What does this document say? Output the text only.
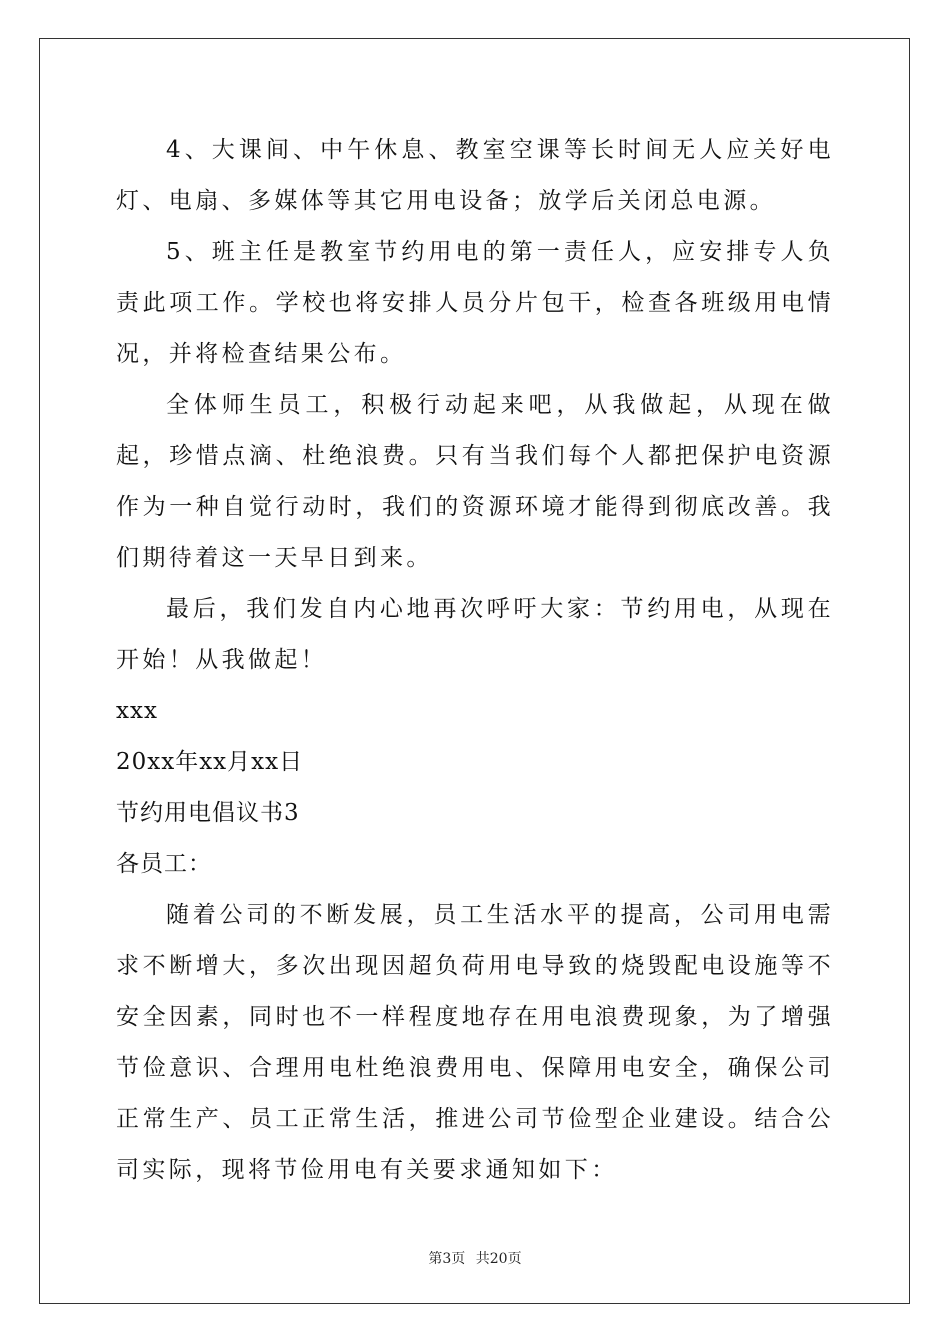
4、大课间、中午休息、教室空课等长时间无人应关好电灯、电扇、多媒体等其它用电设备；放学后关闭总电源。

5、班主任是教室节约用电的第一责任人，应安排专人负责此项工作。学校也将安排人员分片包干，检查各班级用电情况，并将检查结果公布。

全体师生员工，积极行动起来吧，从我做起，从现在做起，珍惜点滴、杜绝浪费。只有当我们每个人都把保护电资源作为一种自觉行动时，我们的资源环境才能得到彻底改善。我们期待着这一天早日到来。

最后，我们发自内心地再次呼吁大家：节约用电，从现在开始！从我做起！

xxx

20xx年xx月xx日

节约用电倡议书3

各员工：

随着公司的不断发展，员工生活水平的提高，公司用电需求不断增大，多次出现因超负荷用电导致的烧毁配电设施等不安全因素，同时也不一样程度地存在用电浪费现象，为了增强节俭意识、合理用电杜绝浪费用电、保障用电安全，确保公司正常生产、员工正常生活，推进公司节俭型企业建设。结合公司实际，现将节俭用电有关要求通知如下：

第3页 共20页
